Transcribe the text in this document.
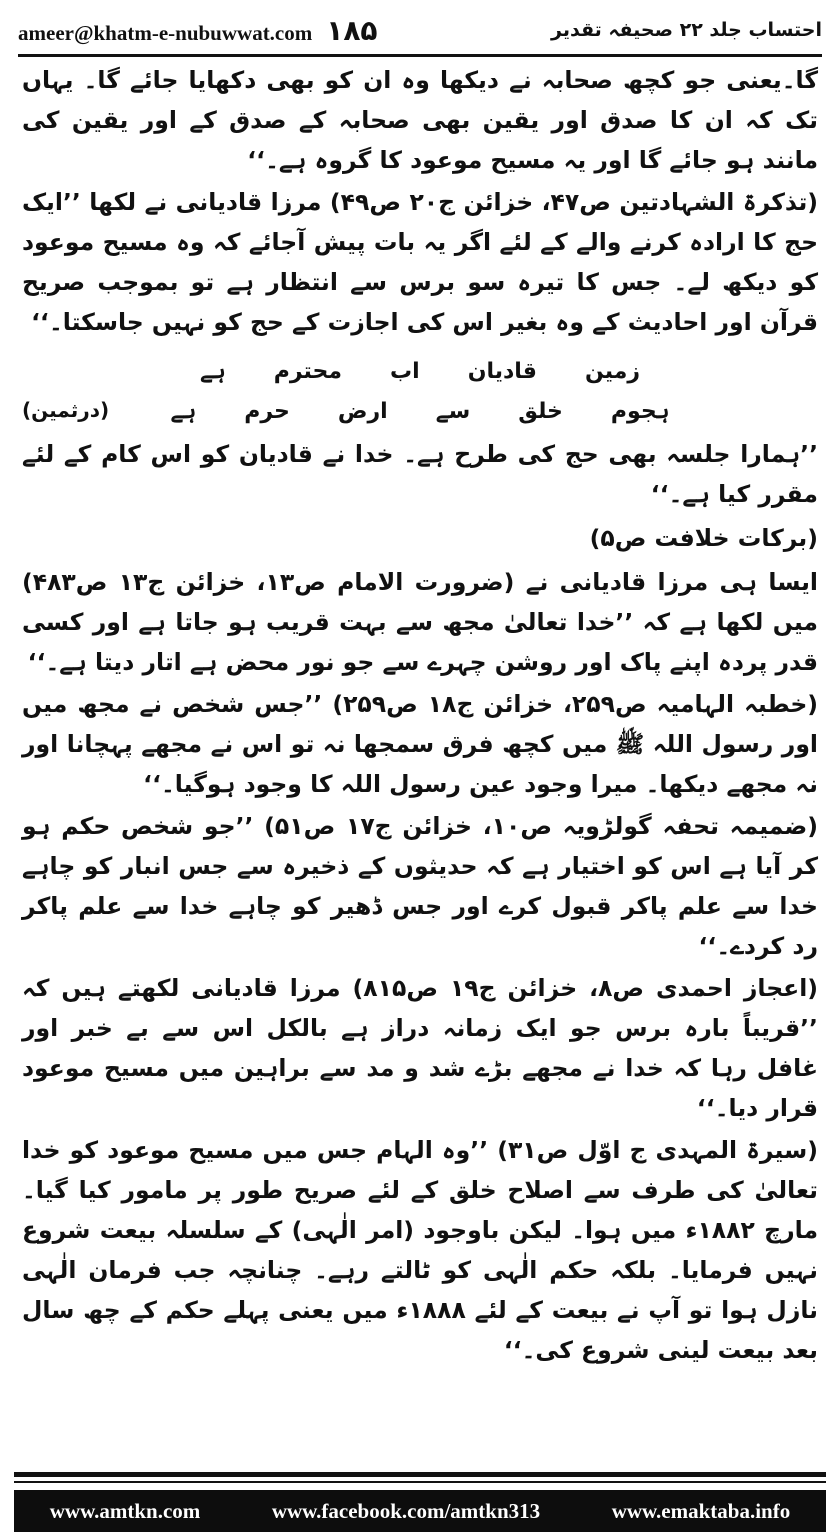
ameer@khatm-e-nubuwwat.com ۱۸۵	احتساب جلد ۲۲ صحیفہ تقدیر

گا۔یعنی جو کچھ صحابہ نے دیکھا وہ ان کو بھی دکھایا جائے گا۔ یہاں تک کہ ان کا صدق اور یقین بھی صحابہ کے صدق کے اور یقین کی مانند ہو جائے گا اور یہ مسیح موعود کا گروہ ہے۔‘‘

(تذکرۃ الشہادتین ص۴۷، خزائن ج۲۰ ص۴۹) مرزا قادیانی نے لکھا ’’ایک حج کا ارادہ کرنے والے کے لئے اگر یہ بات پیش آجائے کہ وہ مسیح موعود کو دیکھ لے۔ جس کا تیرہ سو برس سے انتظار ہے تو بموجب صریح قرآن اور احادیث کے وہ بغیر اس کی اجازت کے حج کو نہیں جاسکتا۔‘‘

زمین
قادیان
اب
محترم
ہے
ہجوم
خلق
سے
ارض
حرم
ہے
(درثمین)

’’ہمارا جلسہ بھی حج کی طرح ہے۔ خدا نے قادیان کو اس کام کے لئے مقرر کیا ہے۔‘‘

(برکات خلافت ص۵)

ایسا ہی مرزا قادیانی نے (ضرورت الامام ص۱۳، خزائن ج۱۳ ص۴۸۳) میں لکھا ہے کہ ’’خدا تعالیٰ مجھ سے بہت قریب ہو جاتا ہے اور کسی قدر پردہ اپنے پاک اور روشن چہرے سے جو نور محض ہے اتار دیتا ہے۔‘‘

(خطبہ الہامیہ ص۲۵۹، خزائن ج۱۸ ص۲۵۹) ’’جس شخص نے مجھ میں اور رسول اللہ ﷺ میں کچھ فرق سمجھا نہ تو اس نے مجھے پہچانا اور نہ مجھے دیکھا۔ میرا وجود عین رسول اللہ کا وجود ہوگیا۔‘‘

(ضمیمہ تحفہ گولڑویہ ص۱۰، خزائن ج۱۷ ص۵۱) ’’جو شخص حکم ہو کر آیا ہے اس کو اختیار ہے کہ حدیثوں کے ذخیرہ سے جس انبار کو چاہے خدا سے علم پاکر قبول کرے اور جس ڈھیر کو چاہے خدا سے علم پاکر رد کردے۔‘‘

(اعجاز احمدی ص۸، خزائن ج۱۹ ص۸۱۵) مرزا قادیانی لکھتے ہیں کہ ’’قریباً بارہ برس جو ایک زمانہ دراز ہے بالکل اس سے بے خبر اور غافل رہا کہ خدا نے مجھے بڑے شد و مد سے براہین میں مسیح موعود قرار دیا۔‘‘

(سیرۃ المہدی ج اوّل ص۳۱) ’’وہ الہام جس میں مسیح موعود کو خدا تعالیٰ کی طرف سے اصلاح خلق کے لئے صریح طور پر مامور کیا گیا۔ مارچ ۱۸۸۲ء میں ہوا۔ لیکن باوجود (امر الٰہی) کے سلسلہ بیعت شروع نہیں فرمایا۔ بلکہ حکم الٰہی کو ٹالتے رہے۔ چنانچہ جب فرمان الٰہی نازل ہوا تو آپ نے بیعت کے لئے ۱۸۸۸ء میں یعنی پہلے حکم کے چھ سال بعد بیعت لینی شروع کی۔‘‘

www.amtkn.com	www.facebook.com/amtkn313	www.emaktaba.info
